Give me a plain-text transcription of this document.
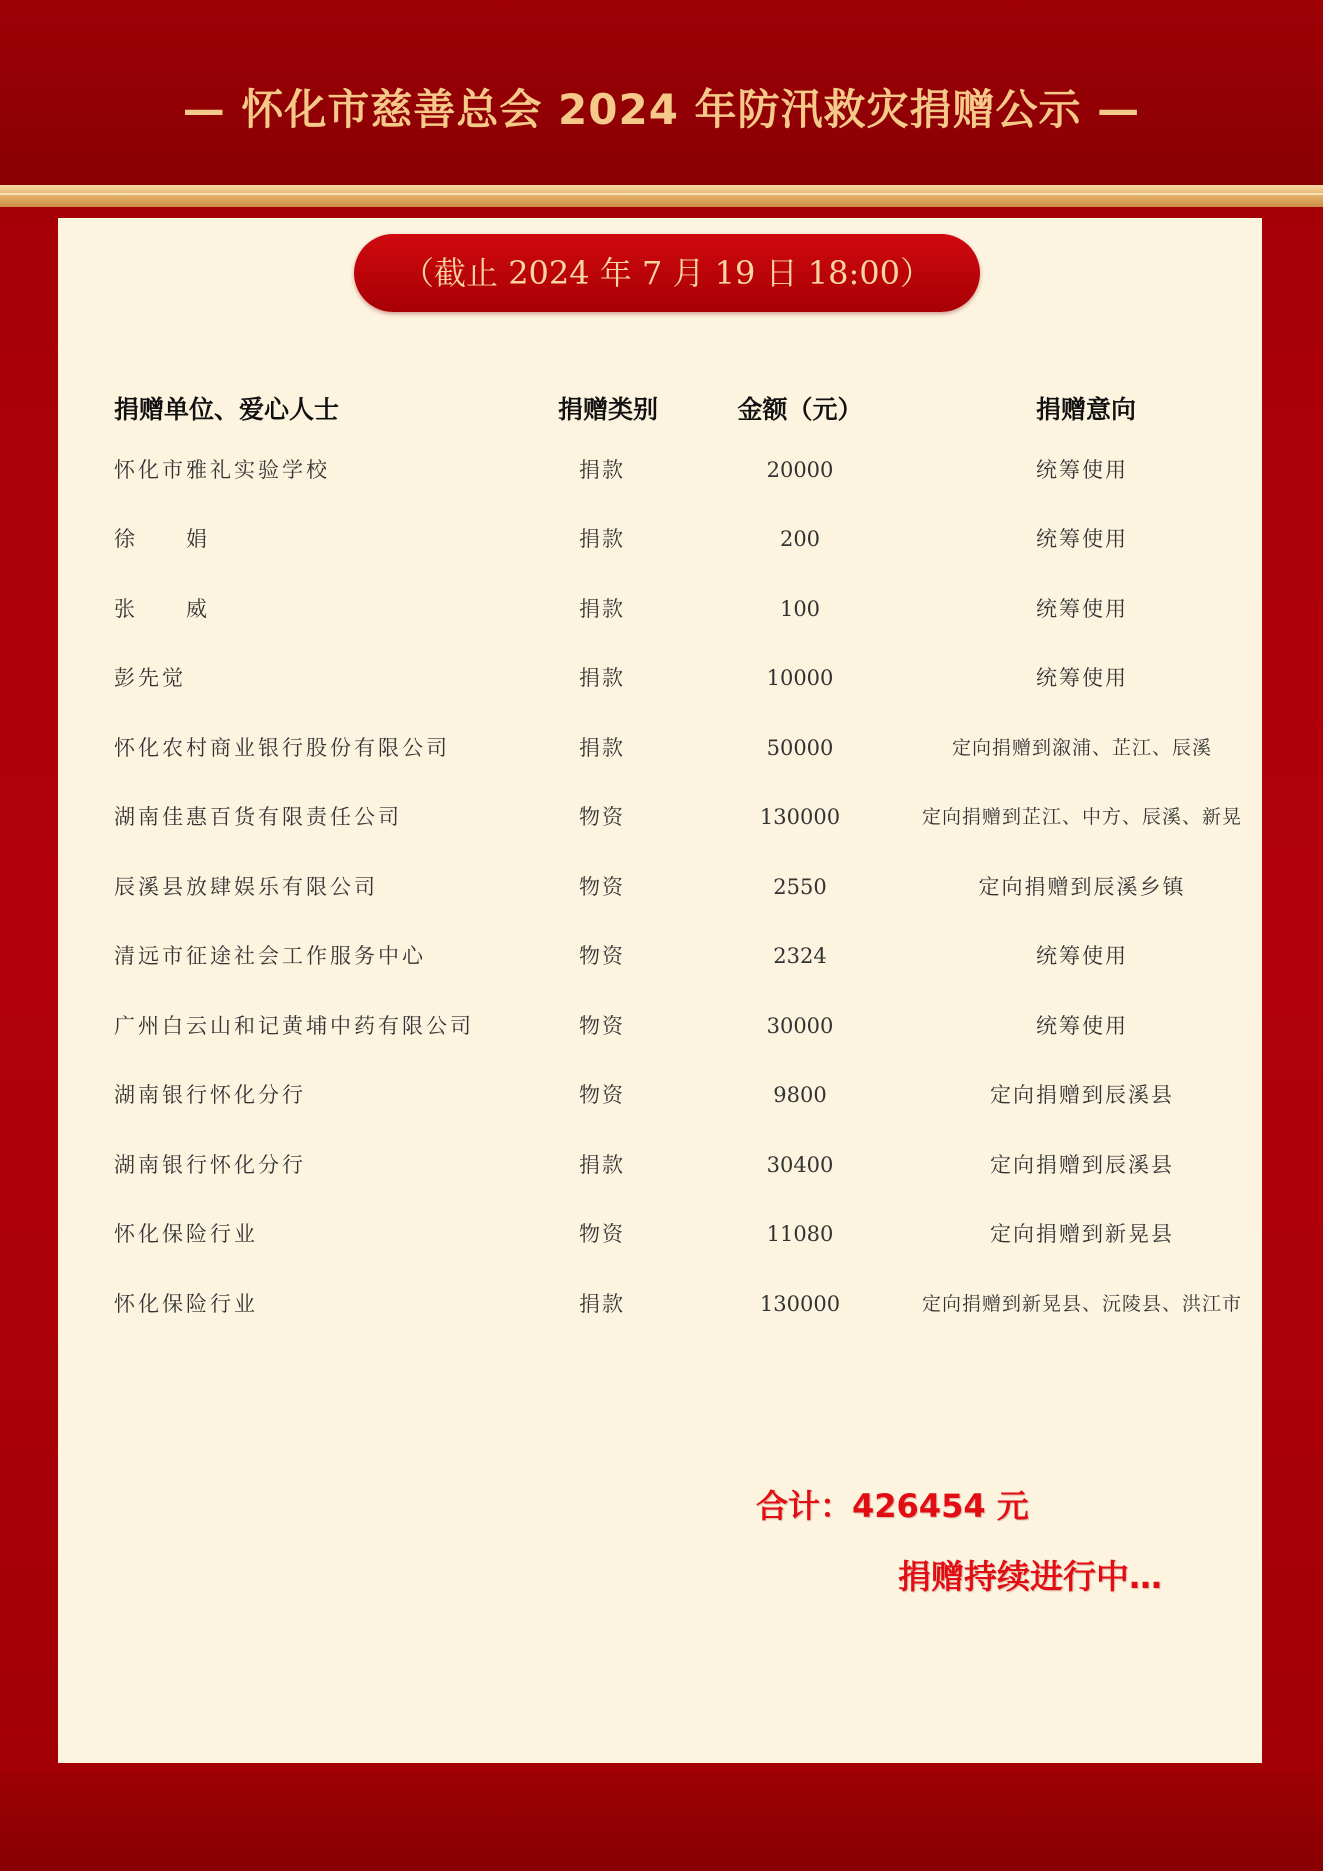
— 怀化市慈善总会 2024 年防汛救灾捐赠公示 —
（截止 2024 年 7 月 19 日 18:00）
捐赠单位、爱心人士	捐赠类别	金额（元）	捐赠意向
怀化市雅礼实验学校	捐款	20000	统筹使用
徐　　娟	捐款	200	统筹使用
张　　威	捐款	100	统筹使用
彭先觉	捐款	10000	统筹使用
怀化农村商业银行股份有限公司	捐款	50000	定向捐赠到溆浦、芷江、辰溪
湖南佳惠百货有限责任公司	物资	130000	定向捐赠到芷江、中方、辰溪、新晃
辰溪县放肆娱乐有限公司	物资	2550	定向捐赠到辰溪乡镇
清远市征途社会工作服务中心	物资	2324	统筹使用
广州白云山和记黄埔中药有限公司	物资	30000	统筹使用
湖南银行怀化分行	物资	9800	定向捐赠到辰溪县
湖南银行怀化分行	捐款	30400	定向捐赠到辰溪县
怀化保险行业	物资	11080	定向捐赠到新晃县
怀化保险行业	捐款	130000	定向捐赠到新晃县、沅陵县、洪江市
合计：426454 元
捐赠持续进行中…
